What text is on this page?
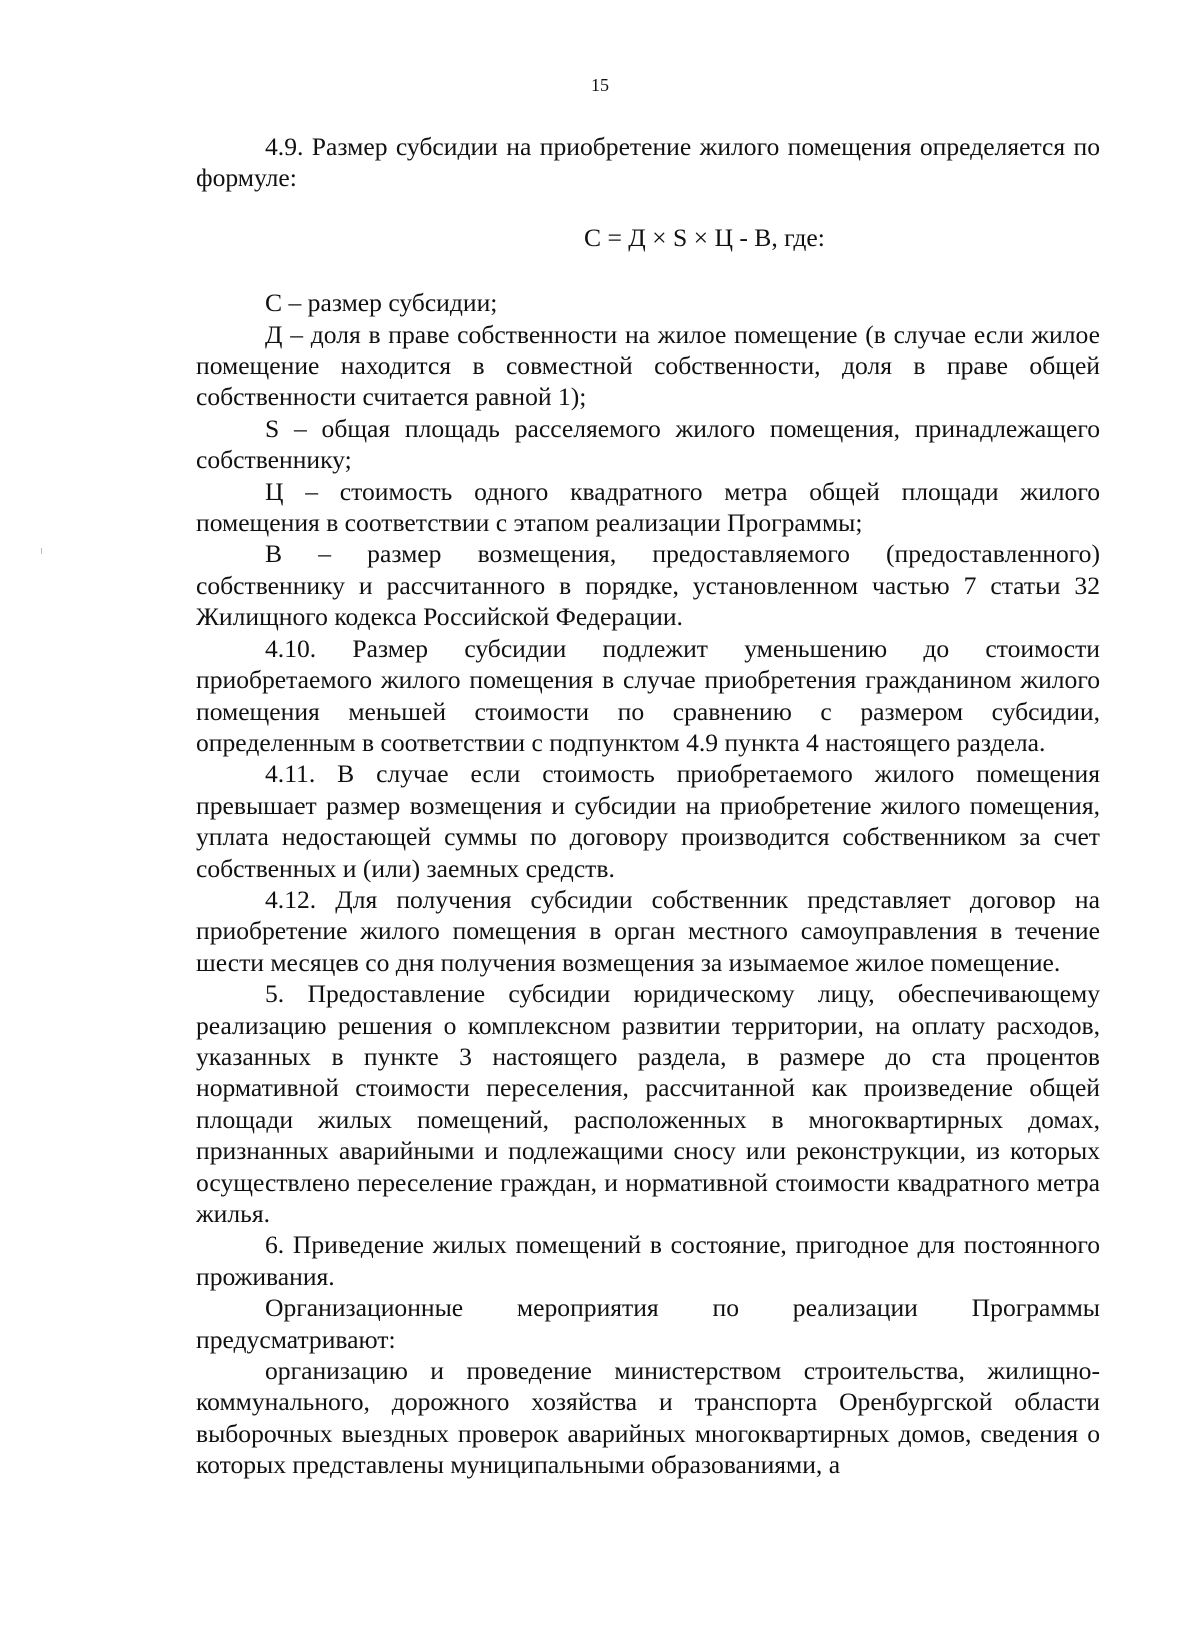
15

4.9. Размер субсидии на приобретение жилого помещения определяется по формуле:

С = Д × S × Ц - В, где:

С – размер субсидии;

Д – доля в праве собственности на жилое помещение (в случае если жилое помещение находится в совместной собственности, доля в праве общей собственности считается равной 1);

S – общая площадь расселяемого жилого помещения, принадлежащего собственнику;

Ц – стоимость одного квадратного метра общей площади жилого помещения в соответствии с этапом реализации Программы;

В – размер возмещения, предоставляемого (предоставленного) собственнику и рассчитанного в порядке, установленном частью 7 статьи 32 Жилищного кодекса Российской Федерации.

4.10. Размер субсидии подлежит уменьшению до стоимости приобретаемого жилого помещения в случае приобретения гражданином жилого помещения меньшей стоимости по сравнению с размером субсидии, определенным в соответствии с подпунктом 4.9 пункта 4 настоящего раздела.

4.11. В случае если стоимость приобретаемого жилого помещения превышает размер возмещения и субсидии на приобретение жилого помещения, уплата недостающей суммы по договору производится собственником за счет собственных и (или) заемных средств.

4.12. Для получения субсидии собственник представляет договор на приобретение жилого помещения в орган местного самоуправления в течение шести месяцев со дня получения возмещения за изымаемое жилое помещение.

5. Предоставление субсидии юридическому лицу, обеспечивающему реализацию решения о комплексном развитии территории, на оплату расходов, указанных в пункте 3 настоящего раздела, в размере до ста процентов нормативной стоимости переселения, рассчитанной как произведение общей площади жилых помещений, расположенных в многоквартирных домах, признанных аварийными и подлежащими сносу или реконструкции, из которых осуществлено переселение граждан, и нормативной стоимости квадратного метра жилья.

6. Приведение жилых помещений в состояние, пригодное для постоянного проживания.

Организационные мероприятия по реализации Программы предусматривают:

организацию и проведение министерством строительства, жилищно-коммунального, дорожного хозяйства и транспорта Оренбургской области выборочных выездных проверок аварийных многоквартирных домов, сведения о которых представлены муниципальными образованиями, а
